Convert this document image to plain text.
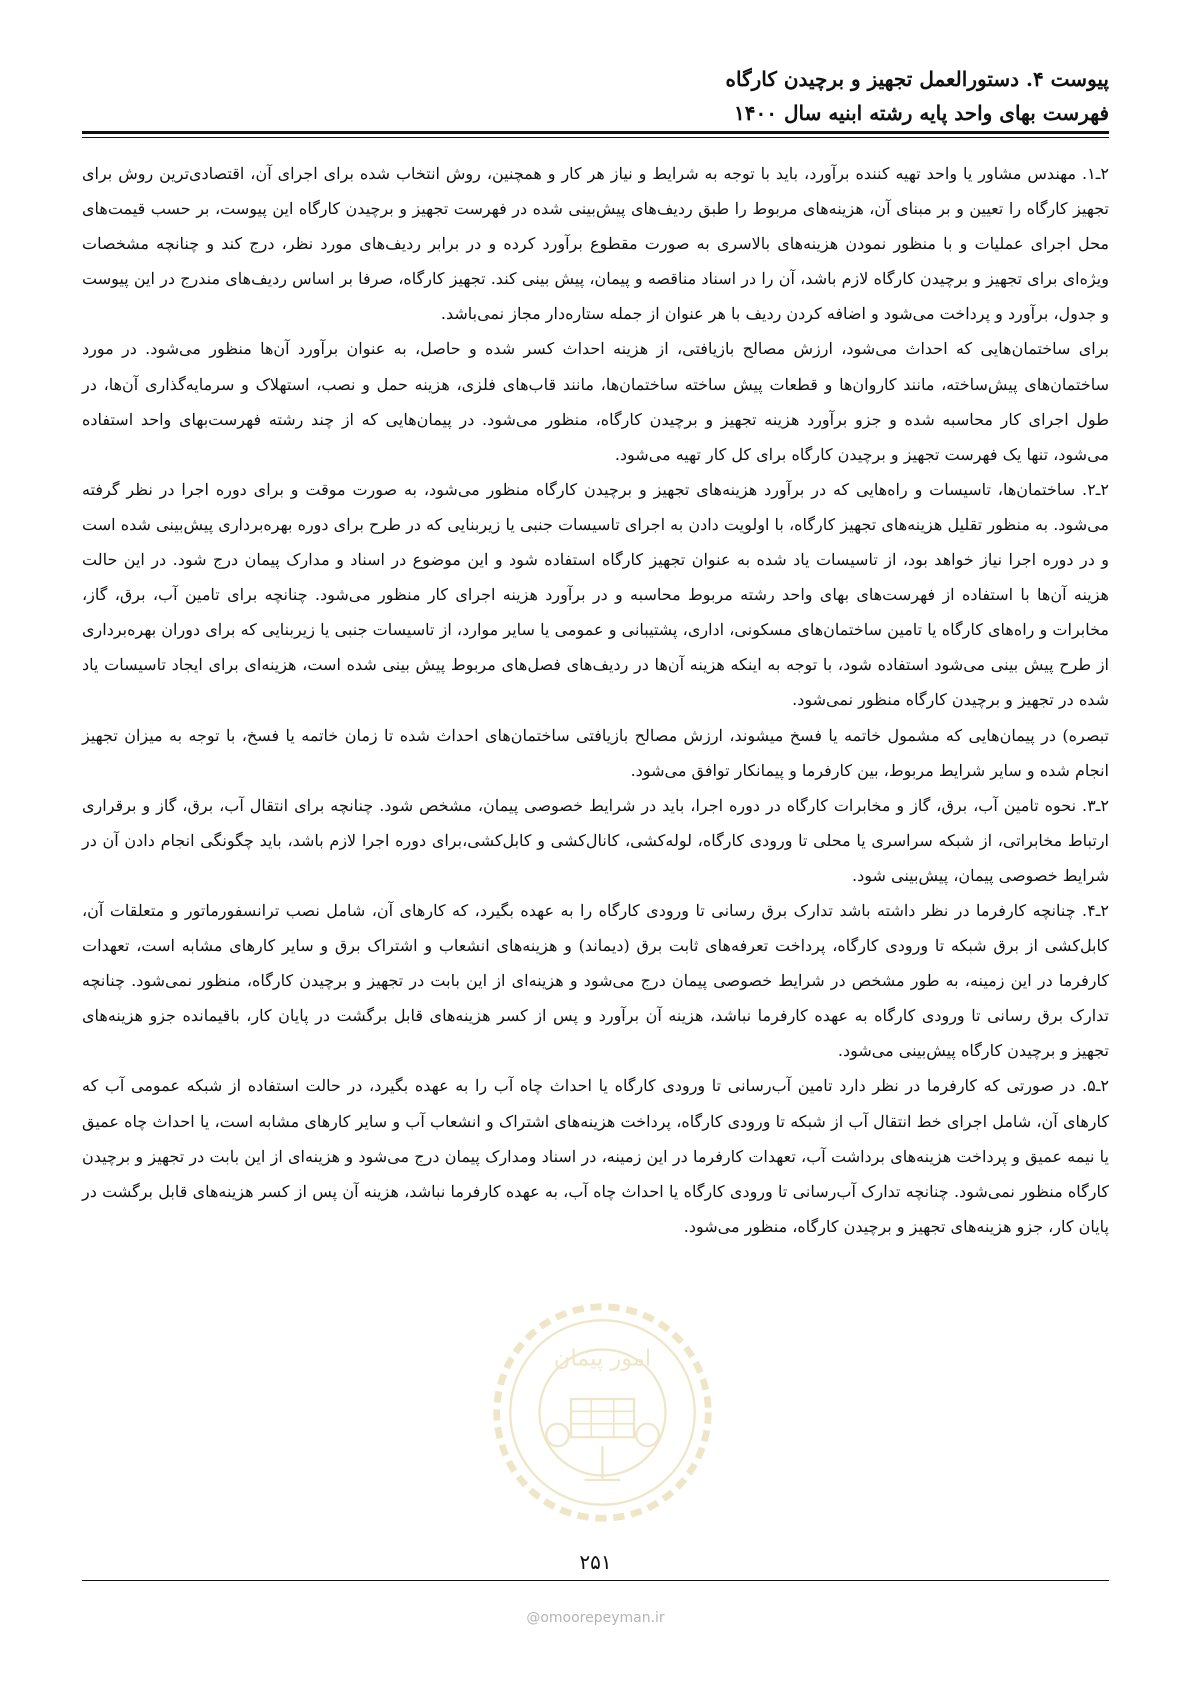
پیوست ۴. دستورالعمل تجهیز و برچیدن کارگاه
فهرست بهای واحد پایه رشته ابنیه سال ۱۴۰۰

۲ـ۱. مهندس مشاور یا واحد تهیه کننده برآورد، باید با توجه به شرایط و نیاز هر کار و همچنین، روش انتخاب شده برای اجرای آن، اقتصادی‌ترین روش برای تجهیز کارگاه را تعیین و بر مبنای آن، هزینه‌های مربوط را طبق ردیف‌های پیش‌بینی شده در فهرست تجهیز و برچیدن کارگاه این پیوست، بر حسب قیمت‌های محل اجرای عملیات و با منظور نمودن هزینه‌های بالاسری به صورت مقطوع برآورد کرده و در برابر ردیف‌های مورد نظر، درج کند و چنانچه مشخصات ویژه‌ای برای تجهیز و برچیدن کارگاه لازم باشد، آن را در اسناد مناقصه و پیمان، پیش بینی کند. تجهیز کارگاه، صرفا بر اساس ردیف‌های مندرج در این پیوست و جدول، برآورد و پرداخت می‌شود و اضافه کردن ردیف با هر عنوان از جمله ستاره‌دار مجاز نمی‌باشد.

برای ساختمان‌هایی که احداث می‌شود، ارزش مصالح بازیافتی، از هزینه احداث کسر شده و حاصل، به عنوان برآورد آن‌ها منظور می‌شود. در مورد ساختمان‌های پیش‌ساخته، مانند کاروان‌ها و قطعات پیش ساخته ساختمان‌ها، مانند قاب‌های فلزی، هزینه حمل و نصب، استهلاک و سرمایه‌گذاری آن‌ها، در طول اجرای کار محاسبه شده و جزو برآورد هزینه تجهیز و برچیدن کارگاه، منظور می‌شود. در پیمان‌هایی که از چند رشته فهرست‌بهای واحد استفاده می‌شود، تنها یک فهرست تجهیز و برچیدن کارگاه برای کل کار تهیه می‌شود.

۲ـ۲. ساختمان‌ها، تاسیسات و راه‌هایی که در برآورد هزینه‌های تجهیز و برچیدن کارگاه منظور می‌شود، به صورت موقت و برای دوره اجرا در نظر گرفته می‌شود. به منظور تقلیل هزینه‌های تجهیز کارگاه، با اولویت دادن به اجرای تاسیسات جنبی یا زیربنایی که در طرح برای دوره بهره‌برداری پیش‌بینی شده است و در دوره اجرا نیاز خواهد بود، از تاسیسات یاد شده به عنوان تجهیز کارگاه استفاده شود و این موضوع در اسناد و مدارک پیمان درج شود. در این حالت هزینه آن‌ها با استفاده از فهرست‌های بهای واحد رشته مربوط محاسبه و در برآورد هزینه اجرای کار منظور می‌شود. چنانچه برای تامین آب، برق، گاز، مخابرات و راه‌های کارگاه یا تامین ساختمان‌های مسکونی، اداری، پشتیبانی و عمومی یا سایر موارد، از تاسیسات جنبی یا زیربنایی که برای دوران بهره‌برداری از طرح پیش بینی می‌شود استفاده شود، با توجه به اینکه هزینه آن‌ها در ردیف‌های فصل‌های مربوط پیش بینی شده است، هزینه‌ای برای ایجاد تاسیسات یاد شده در تجهیز و برچیدن کارگاه منظور نمی‌شود.

تبصره) در پیمان‌هایی که مشمول خاتمه یا فسخ میشوند، ارزش مصالح بازیافتی ساختمان‌های احداث شده تا زمان خاتمه یا فسخ، با توجه به میزان تجهیز انجام شده و سایر شرایط مربوط، بین کارفرما و پیمانکار توافق می‌شود.

۲ـ۳. نحوه تامین آب، برق، گاز و مخابرات کارگاه در دوره اجرا، باید در شرایط خصوصی پیمان، مشخص شود. چنانچه برای انتقال آب، برق، گاز و برقراری ارتباط مخابراتی، از شبکه سراسری یا محلی تا ورودی کارگاه، لوله‌کشی، کانال‌کشی و کابل‌کشی،برای دوره اجرا لازم باشد، باید چگونگی انجام دادن آن در شرایط خصوصی پیمان، پیش‌بینی شود.

۲ـ۴. چنانچه کارفرما در نظر داشته باشد تدارک برق رسانی تا ورودی کارگاه را به عهده بگیرد، که کارهای آن، شامل نصب ترانسفورماتور و متعلقات آن، کابل‌کشی از برق شبکه تا ورودی کارگاه، پرداخت تعرفه‌های ثابت برق (دیماند) و هزینه‌های انشعاب و اشتراک برق و سایر کارهای مشابه است، تعهدات کارفرما در این زمینه، به طور مشخص در شرایط خصوصی پیمان درج می‌شود و هزینه‌ای از این بابت در تجهیز و برچیدن کارگاه، منظور نمی‌شود. چنانچه تدارک برق رسانی تا ورودی کارگاه به عهده کارفرما نباشد، هزینه آن برآورد و پس از کسر هزینه‌های قابل برگشت در پایان کار، باقیمانده جزو هزینه‌های تجهیز و برچیدن کارگاه پیش‌بینی می‌شود.

۲ـ۵. در صورتی که کارفرما در نظر دارد تامین آب‌رسانی تا ورودی کارگاه یا احداث چاه آب را به عهده بگیرد، در حالت استفاده از شبکه عمومی آب که کارهای آن، شامل اجرای خط انتقال آب از شبکه تا ورودی کارگاه، پرداخت هزینه‌های اشتراک و انشعاب آب و سایر کارهای مشابه است، یا احداث چاه عمیق یا نیمه عمیق و پرداخت هزینه‌های برداشت آب، تعهدات کارفرما در این زمینه، در اسناد ومدارک پیمان درج می‌شود و هزینه‌ای از این بابت در تجهیز و برچیدن کارگاه منظور نمی‌شود. چنانچه تدارک آب‌رسانی تا ورودی کارگاه یا احداث چاه آب، به عهده کارفرما نباشد، هزینه آن پس از کسر هزینه‌های قابل برگشت در پایان کار، جزو هزینه‌های تجهیز و برچیدن کارگاه، منظور می‌شود.

امور پیمان
۲۵۱
@omoorepeyman.ir
